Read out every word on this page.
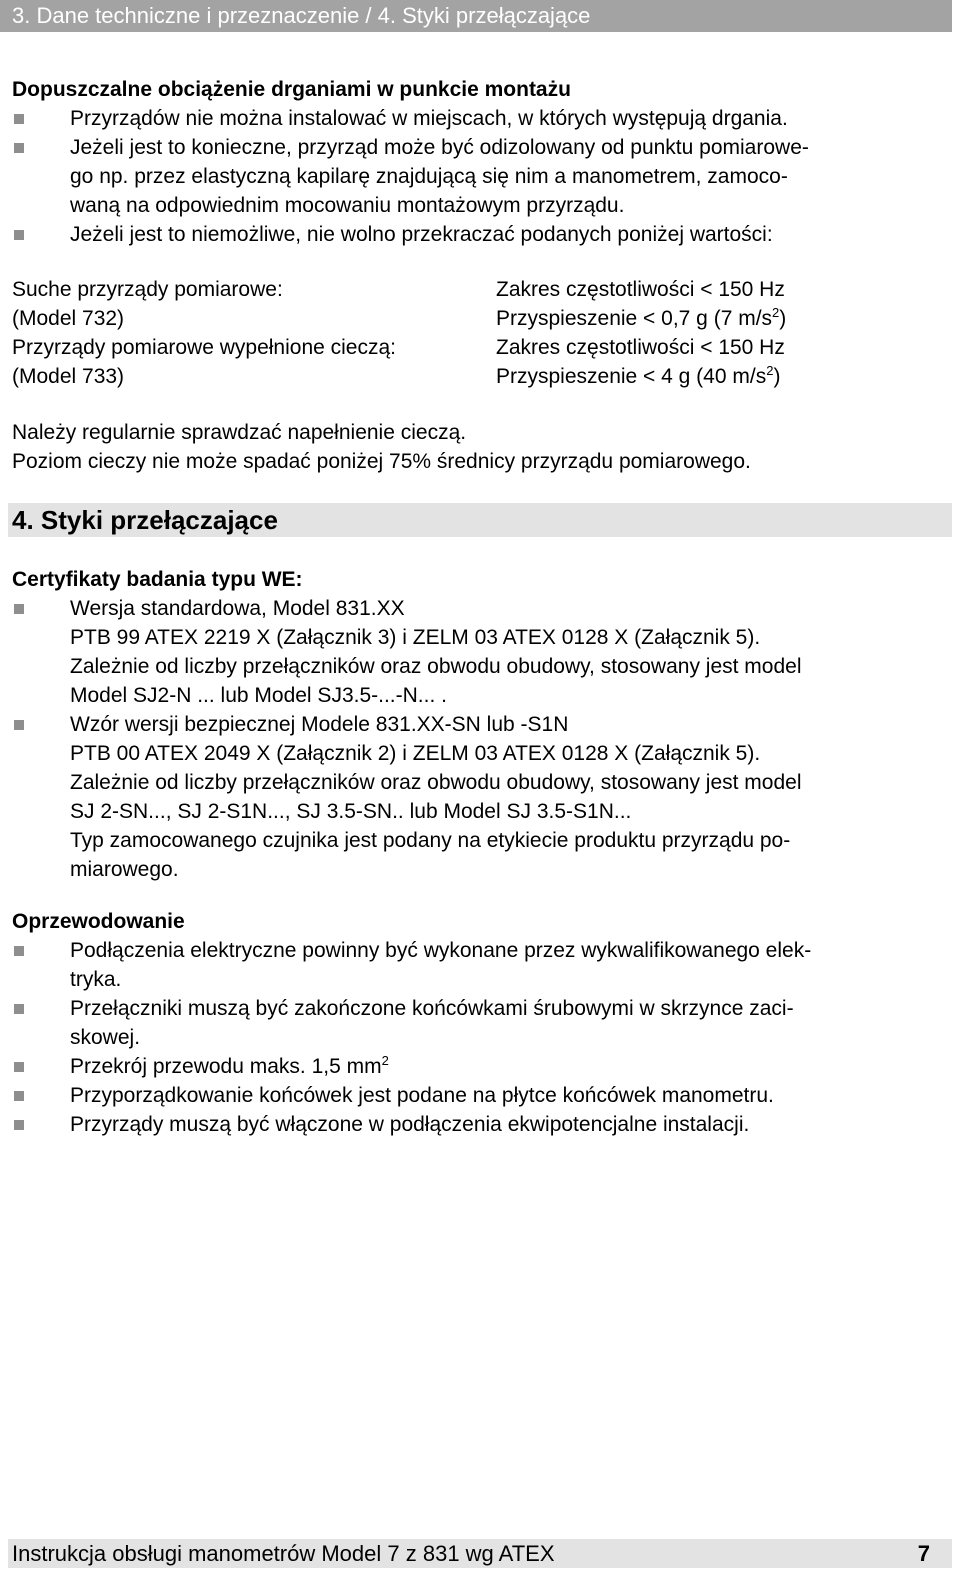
3. Dane techniczne i przeznaczenie / 4. Styki przełączające
Dopuszczalne obciążenie drganiami w punkcie montażu
Przyrządów nie można instalować w miejscach, w których występują drgania.
Jeżeli jest to konieczne, przyrząd może być odizolowany od punktu pomiarowe-
go np. przez elastyczną kapilarę znajdującą się nim a manometrem, zamoco-
waną na odpowiednim mocowaniu montażowym przyrządu.
Jeżeli jest to niemożliwe, nie wolno przekraczać podanych poniżej wartości:
Suche przyrządy pomiarowe:	Zakres częstotliwości < 150 Hz
(Model 732)	Przyspieszenie < 0,7 g (7 $m/s^2$)
Przyrządy pomiarowe wypełnione cieczą:	Zakres częstotliwości < 150 Hz
(Model 733)	Przyspieszenie < 4 g (40 $m/s^2$)
Należy regularnie sprawdzać napełnienie cieczą.
Poziom cieczy nie może spadać poniżej 75% średnicy przyrządu pomiarowego.
4. Styki przełączające
Certyfikaty badania typu WE:
Wersja standardowa, Model 831.XX
PTB 99 ATEX 2219 X (Załącznik 3) i ZELM 03 ATEX 0128 X (Załącznik 5).
Zależnie od liczby przełączników oraz obwodu obudowy, stosowany jest model
Model SJ2-N ... lub Model SJ3.5-...-N... .
Wzór wersji bezpiecznej Modele 831.XX-SN lub -S1N
PTB 00 ATEX 2049 X (Załącznik 2) i ZELM 03 ATEX 0128 X (Załącznik 5).
Zależnie od liczby przełączników oraz obwodu obudowy, stosowany jest model
SJ 2-SN..., SJ 2-S1N..., SJ 3.5-SN.. lub Model SJ 3.5-S1N...
Typ zamocowanego czujnika jest podany na etykiecie produktu przyrządu po-
miarowego.
Oprzewodowanie
Podłączenia elektryczne powinny być wykonane przez wykwalifikowanego elek-
tryka.
Przełączniki muszą być zakończone końcówkami śrubowymi w skrzynce zaci-
skowej.
Przekrój przewodu maks. 1,5 $mm^2$
Przyporządkowanie końcówek jest podane na płytce końcówek manometru.
Przyrządy muszą być włączone w podłączenia ekwipotencjalne instalacji.
Instrukcja obsługi manometrów Model 7 z 831 wg ATEX	7
